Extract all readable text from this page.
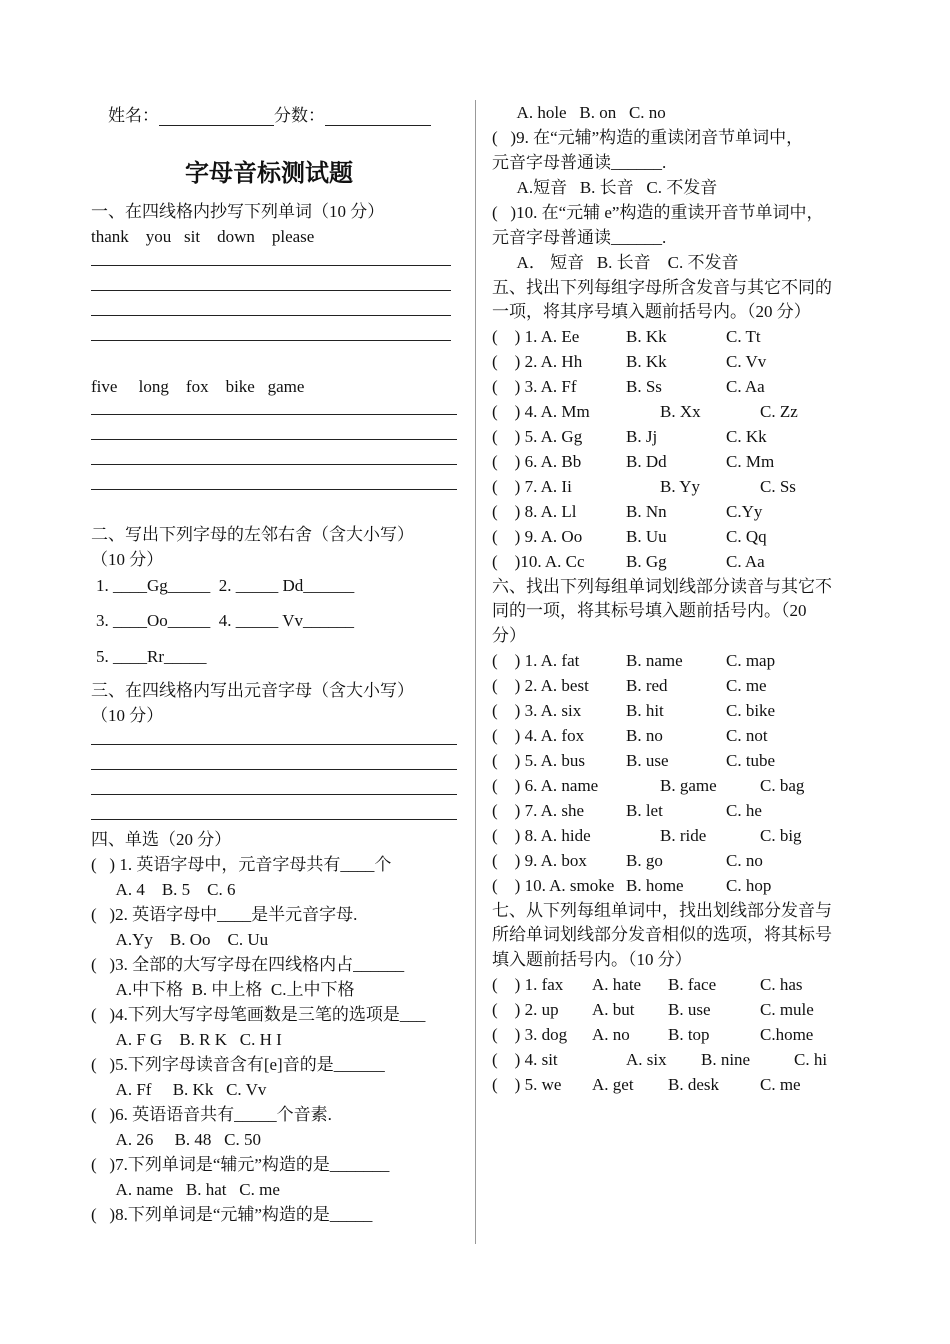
姓名：	分数：
字母音标测试题
一、在四线格内抄写下列单词（10 分）
thank    you   sit    down    please
five     long    fox    bike   game
二、写出下列字母的左邻右舍（含大小写）
（10 分）
1. ____Gg_____  2. _____ Dd______
3. ____Oo_____  4. _____ Vv______
5. ____Rr_____
三、在四线格内写出元音字母（含大小写）
（10 分）
四、单选（20 分）
(   ) 1. 英语字母中，元音字母共有____个
A. 4    B. 5    C. 6
(   )2. 英语字母中____是半元音字母.
A.Yy    B. Oo    C. Uu
(   )3. 全部的大写字母在四线格内占______
A.中下格  B. 中上格  C.上中下格
(   )4.下列大写字母笔画数是三笔的选项是___
A. F G    B. R K   C. H I
(   )5.下列字母读音含有[e]音的是______
A. Ff     B. Kk   C. Vv
(   )6. 英语语音共有_____个音素.
A. 26     B. 48   C. 50
(   )7.下列单词是“辅元”构造的是_______
A. name   B. hat   C. me
(   )8.下列单词是“元辅”构造的是_____
A. hole   B. on   C. no
(   )9. 在“元辅”构造的重读闭音节单词中，
元音字母普通读______.
A.短音   B. 长音   C. 不发音
(   )10. 在“元辅 e”构造的重读开音节单词中，
元音字母普通读______.
A． 短音   B. 长音    C. 不发音
五、找出下列每组字母所含发音与其它不同的
一项，将其序号填入题前括号内。（20 分）
(    ) 1. A. Ee	B. Kk	C. Tt
(    ) 2. A. Hh	B. Kk	C. Vv
(    ) 3. A. Ff	B. Ss	C. Aa
(    ) 4. A. Mm	B. Xx	C. Zz
(    ) 5. A. Gg	B. Jj	C. Kk
(    ) 6. A. Bb	B. Dd	C. Mm
(    ) 7. A. Ii	B. Yy	C. Ss
(    ) 8. A. Ll	B. Nn	C.Yy
(    ) 9. A. Oo	B. Uu	C. Qq
(    )10. A. Cc B. Gg	C. Aa
六、找出下列每组单词划线部分读音与其它不
同的一项，将其标号填入题前括号内。（20
分）
(    ) 1. A. fat	B. name	C. map
(    ) 2. A. best B. red	C. me
(    ) 3. A. six	B. hit	C. bike
(    ) 4. A. fox B. no	C. not
(    ) 5. A. bus B. use	C. tube
(    ) 6. A. name	B. game	C. bag
(    ) 7. A. she B. let	C. he
(    ) 8. A. hide	B. ride	C. big
(    ) 9. A. box B. go	C. no
(    ) 10. A. smoke B. home C. hop
七、从下列每组单词中，找出划线部分发音与
所给单词划线部分发音相似的选项，将其标号
填入题前括号内。（10 分）
(    ) 1. fax A. hate B. face	C. has
(    ) 2. up A. but B. use	C. mule
(    ) 3. dog A. no B. top	C.home
(    ) 4. sit	A. six B. nine	C. hi
(    ) 5. we A. get B. desk C. me
